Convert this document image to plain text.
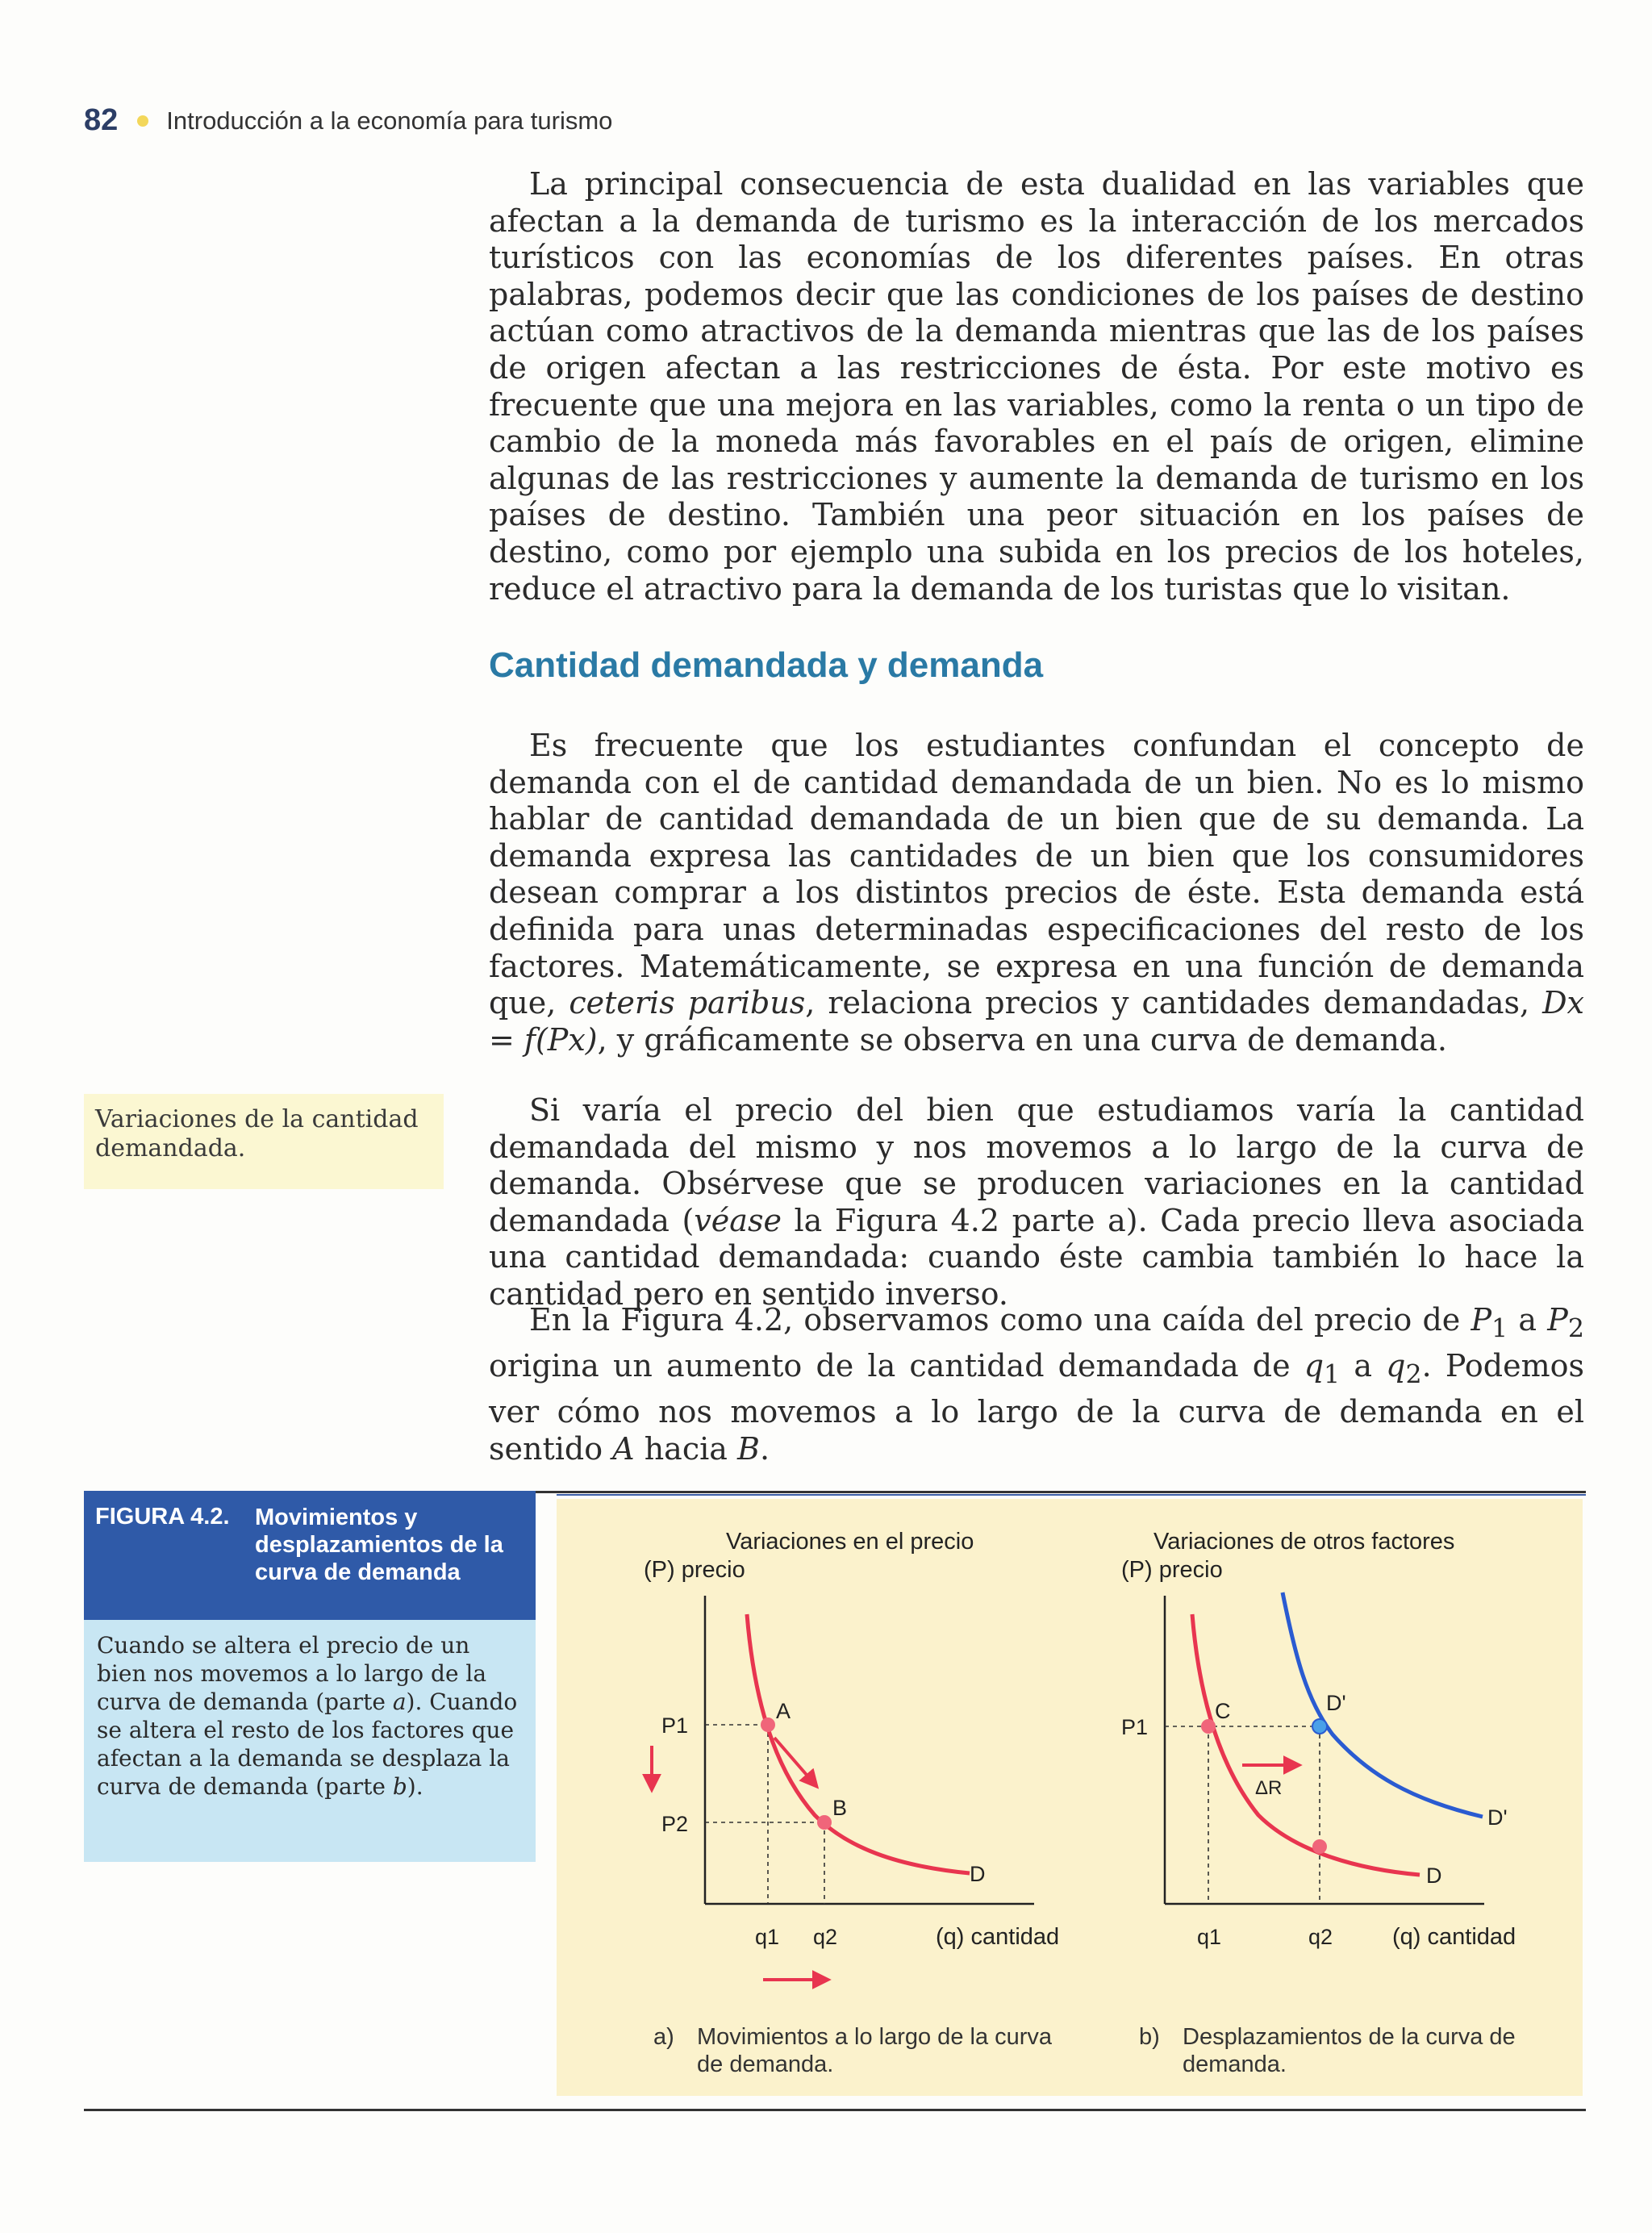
82 Introducción a la economía para turismo

La principal consecuencia de esta dualidad en las variables que afectan a la demanda de turismo es la interacción de los mercados turísticos con las economías de los diferentes países. En otras palabras, podemos decir que las condiciones de los países de destino actúan como atractivos de la demanda mientras que las de los países de origen afectan a las restricciones de ésta. Por este motivo es frecuente que una mejora en las variables, como la renta o un tipo de cambio de la moneda más favorables en el país de origen, elimine algunas de las restricciones y aumente la demanda de turismo en los países de destino. También una peor situación en los países de destino, como por ejemplo una subida en los precios de los hoteles, reduce el atractivo para la demanda de los turistas que lo visitan.

Cantidad demandada y demanda

Es frecuente que los estudiantes confundan el concepto de demanda con el de cantidad demandada de un bien. No es lo mismo hablar de cantidad demandada de un bien que de su demanda. La demanda expresa las cantidades de un bien que los consumidores desean comprar a los distintos precios de éste. Esta demanda está definida para unas determinadas especificaciones del resto de los factores. Matemáticamente, se expresa en una función de demanda que, ceteris paribus, relaciona precios y cantidades demandadas, Dx = f(Px), y gráficamente se observa en una curva de demanda.

Variaciones de la cantidad demandada.

Si varía el precio del bien que estudiamos varía la cantidad demandada del mismo y nos movemos a lo largo de la curva de demanda. Obsérvese que se producen variaciones en la cantidad demandada (véase la Figura 4.2 parte a). Cada precio lleva asociada una cantidad demandada: cuando éste cambia también lo hace la cantidad pero en sentido inverso.

En la Figura 4.2, observamos como una caída del precio de $P_1$ a $P_2$ origina un aumento de la cantidad demandada de $q_1$ a $q_2$. Podemos ver cómo nos movemos a lo largo de la curva de demanda en el sentido A hacia B.

FIGURA 4.2. Movimientos y desplazamientos de la curva de demanda
Cuando se altera el precio de un bien nos movemos a lo largo de la curva de demanda (parte a). Cuando se altera el resto de los factores que afectan a la demanda se desplaza la curva de demanda (parte b).
Variaciones en el precio
(P) precio
D
A
B
P1
P2
q1 q2	(q) cantidad
a) Movimientos a lo largo de la curva de demanda.
Variaciones de otros factores
(P) precio
D
D'
ΔR
C	D'
P1
q1	q2	(q) cantidad
b) Desplazamientos de la curva de demanda.
